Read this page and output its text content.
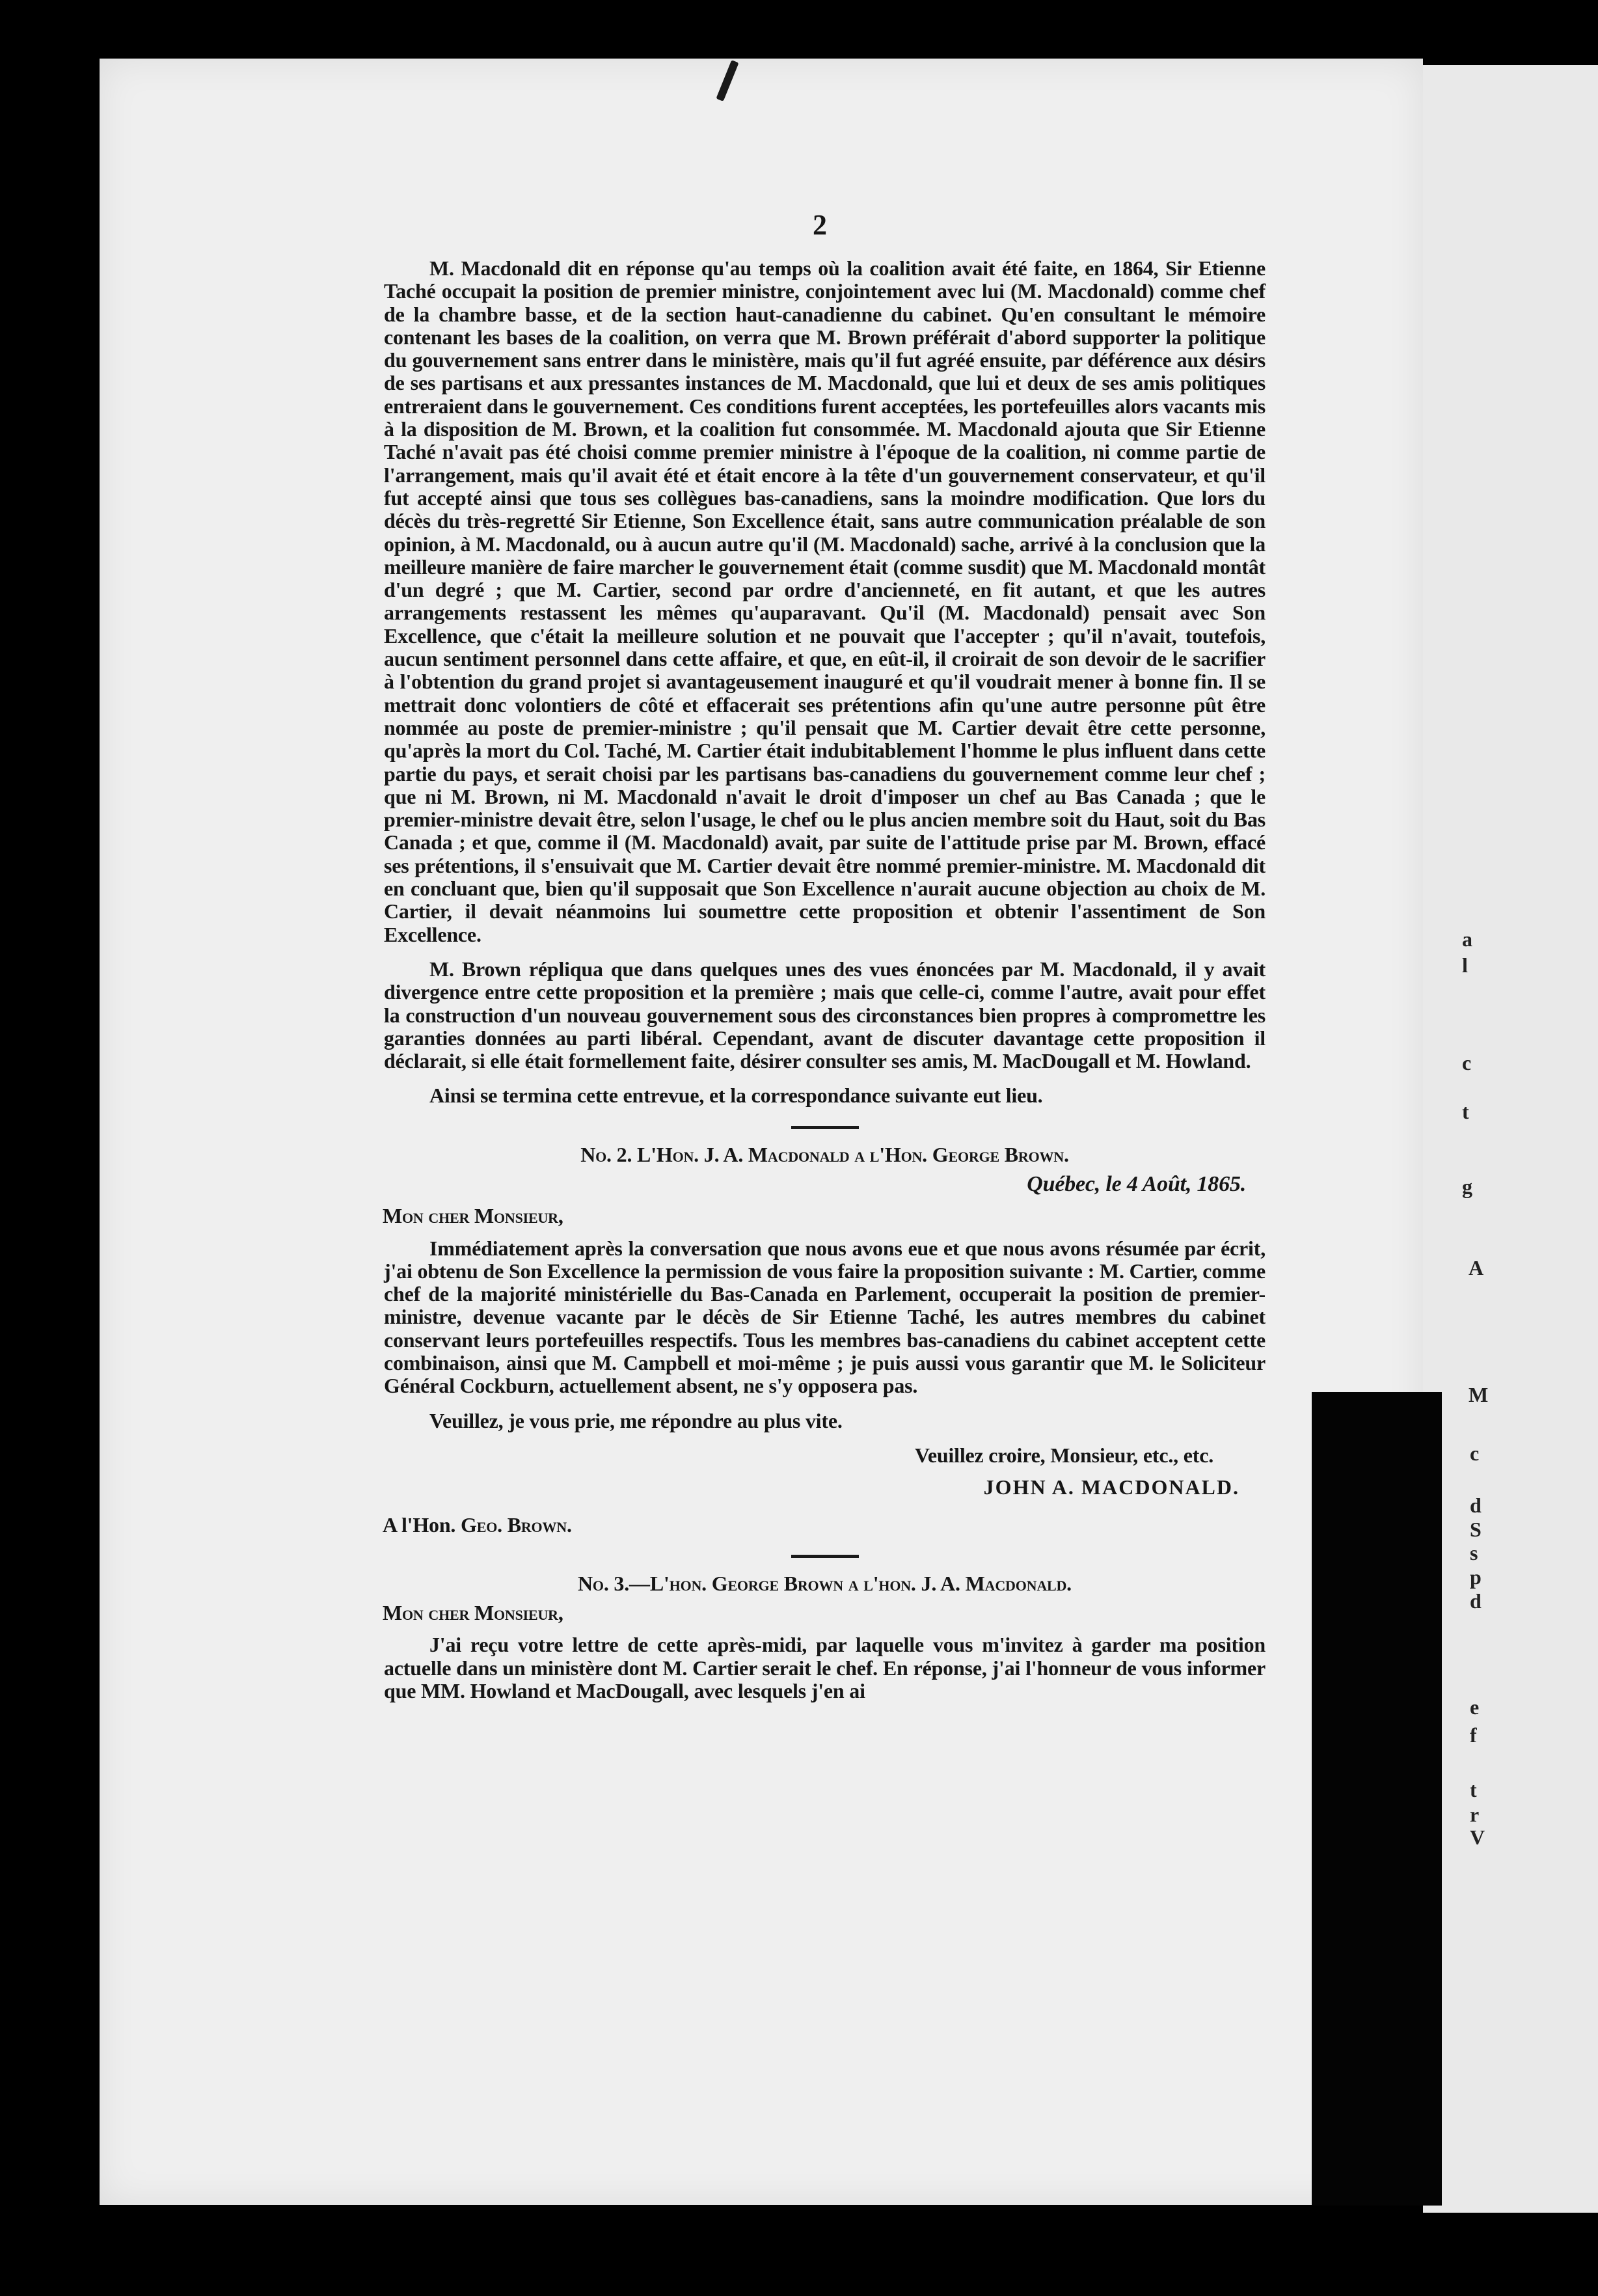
A
M
c
d
S
s
p
d
e
f
t
r
V
g
l
a
c
t
2

M. Macdonald dit en réponse qu'au temps où la coalition avait été faite, en 1864, Sir Etienne Taché occupait la position de premier ministre, conjointement avec lui (M. Macdonald) comme chef de la chambre basse, et de la section haut-canadienne du cabinet. Qu'en consultant le mémoire contenant les bases de la coalition, on verra que M. Brown préférait d'abord supporter la politique du gouvernement sans entrer dans le ministère, mais qu'il fut agréé ensuite, par déférence aux désirs de ses partisans et aux pressantes instances de M. Macdonald, que lui et deux de ses amis politiques entreraient dans le gouvernement. Ces conditions furent acceptées, les portefeuilles alors vacants mis à la disposition de M. Brown, et la coalition fut consommée. M. Macdonald ajouta que Sir Etienne Taché n'avait pas été choisi comme premier ministre à l'époque de la coalition, ni comme partie de l'arrangement, mais qu'il avait été et était encore à la tête d'un gouvernement conservateur, et qu'il fut accepté ainsi que tous ses collègues bas-canadiens, sans la moindre modification. Que lors du décès du très-regretté Sir Etienne, Son Excellence était, sans autre communication préalable de son opinion, à M. Macdonald, ou à aucun autre qu'il (M. Macdonald) sache, arrivé à la conclusion que la meilleure manière de faire marcher le gouvernement était (comme susdit) que M. Macdonald montât d'un degré ; que M. Cartier, second par ordre d'ancienneté, en fit autant, et que les autres arrangements restassent les mêmes qu'auparavant. Qu'il (M. Macdonald) pensait avec Son Excellence, que c'était la meilleure solution et ne pouvait que l'accepter ; qu'il n'avait, toutefois, aucun sentiment personnel dans cette affaire, et que, en eût-il, il croirait de son devoir de le sacrifier à l'obtention du grand projet si avantageusement inauguré et qu'il voudrait mener à bonne fin. Il se mettrait donc volontiers de côté et effacerait ses prétentions afin qu'une autre personne pût être nommée au poste de premier-ministre ; qu'il pensait que M. Cartier devait être cette personne, qu'après la mort du Col. Taché, M. Cartier était indubitablement l'homme le plus influent dans cette partie du pays, et serait choisi par les partisans bas-canadiens du gouvernement comme leur chef ; que ni M. Brown, ni M. Macdonald n'avait le droit d'imposer un chef au Bas Canada ; que le premier-ministre devait être, selon l'usage, le chef ou le plus ancien membre soit du Haut, soit du Bas Canada ; et que, comme il (M. Macdonald) avait, par suite de l'attitude prise par M. Brown, effacé ses prétentions, il s'ensuivait que M. Cartier devait être nommé premier-ministre. M. Macdonald dit en concluant que, bien qu'il supposait que Son Excellence n'aurait aucune objection au choix de M. Cartier, il devait néanmoins lui soumettre cette proposition et obtenir l'assentiment de Son Excellence.

M. Brown répliqua que dans quelques unes des vues énoncées par M. Macdonald, il y avait divergence entre cette proposition et la première ; mais que celle-ci, comme l'autre, avait pour effet la construction d'un nouveau gouvernement sous des circonstances bien propres à compromettre les garanties données au parti libéral. Cependant, avant de discuter davantage cette proposition il déclarait, si elle était formellement faite, désirer consulter ses amis, M. MacDougall et M. Howland.

Ainsi se termina cette entrevue, et la correspondance suivante eut lieu.

No. 2. L'Hon. J. A. Macdonald a l'Hon. George Brown.
Québec, le 4 Août, 1865.
Mon cher Monsieur,

Immédiatement après la conversation que nous avons eue et que nous avons résumée par écrit, j'ai obtenu de Son Excellence la permission de vous faire la proposition suivante : M. Cartier, comme chef de la majorité ministérielle du Bas-Canada en Parlement, occuperait la position de premier-ministre, devenue vacante par le décès de Sir Etienne Taché, les autres membres du cabinet conservant leurs portefeuilles respectifs. Tous les membres bas-canadiens du cabinet acceptent cette combinaison, ainsi que M. Campbell et moi-même ; je puis aussi vous garantir que M. le Soliciteur Général Cockburn, actuellement absent, ne s'y opposera pas.

Veuillez, je vous prie, me répondre au plus vite.

Veuillez croire, Monsieur, etc., etc.
JOHN A. MACDONALD.
A l'Hon. Geo. Brown.
No. 3.—L'hon. George Brown a l'hon. J. A. Macdonald.
Mon cher Monsieur,

J'ai reçu votre lettre de cette après-midi, par laquelle vous m'invitez à garder ma position actuelle dans un ministère dont M. Cartier serait le chef. En réponse, j'ai l'honneur de vous informer que MM. Howland et MacDougall, avec lesquels j'en ai
